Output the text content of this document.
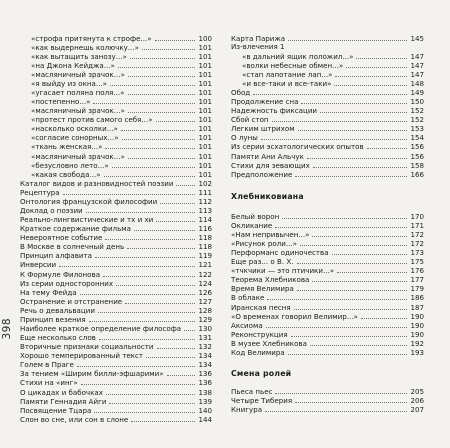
398
«строфа притянута к строфе...»	100
«как выдернешь колючку...»	101
«как вытащить занозу...»	101
«на Джона Кейджа...»	101
«масляничный зрачок...»	101
«я выйду из окна...»	101
«угасает поляна поля...»	101
«постепенно...»	101
«масляничный зрачок...»	101
«протест против самого себя...»	101
«насколько осколки...»	101
«согласие сонорных...»	101
«ткань женская...»	101
«масляничный зрачок...»	101
«безусловно лето...»	101
«какая свобода...»	101
Каталог видов и разновидностей поэзии	102
Рецептура	111
Онтология французской философии	112
Доклад о поэзии	113
Реально-лингвистические и тх и хи	114
Краткое содержание фильма	116
Невероятное событие	118
В Москве в солнечный день	118
Принцип алфавита	119
Инверсии	121
К Формуле Филонова	122
Из серии односторонних	124
На тему Фейда	126
Остранение и отстранение	127
Речь о девальвации	128
Принцип везения	129
Наиболее краткое определение философа 130
Еще несколько слов	131
Вторичные признаки социальности	132
Хорошо темперированный текст	134
Голем в Праге	134
За тением «Ширим билли-эфшарими»	136
Стихи на «инг»	136
О цикадах и бабочках	138
Памяти Геннадия Айги	139
Посвящение Тцара	140
Слон во сне, или сон в слоне	144
Карта Парижа	145
Из-влечения 1
«в дальний ящик положил...»	147
«волки небесные обмен...»	147
«стап лапотание лап...»	147
«и все-таки и все-таки»	148
Обод	149
Продолжение сна	150
Надежность фиксации	152
Сбой стоп	152
Легким штрихом	153
О луны	154
Из серии эсхатологических опытов	156
Памяти Ани Альчук	156
Стихи для зевающих	158
Предположение	166
Хлебниковиана
Белый ворон	170
Окликание	171
«Нам непривычен...»	172
«Рисунок роли...»	172
Перформанс одиночества	173
Еще раз... о В. Х.	175
«тчкчики — это птичики...»	176
Теорема Хлебникова	177
Время Велимира	179
В облаке	186
Иранская песня	187
«О временах говорил Велимир...»	190
Аксиома	190
Реконструкция	190
В музее Хлебникова	192
Код Велимира	193
Смена ролей
Пьеса пьес	205
Четыре Тиберия	206
Книгура	207
